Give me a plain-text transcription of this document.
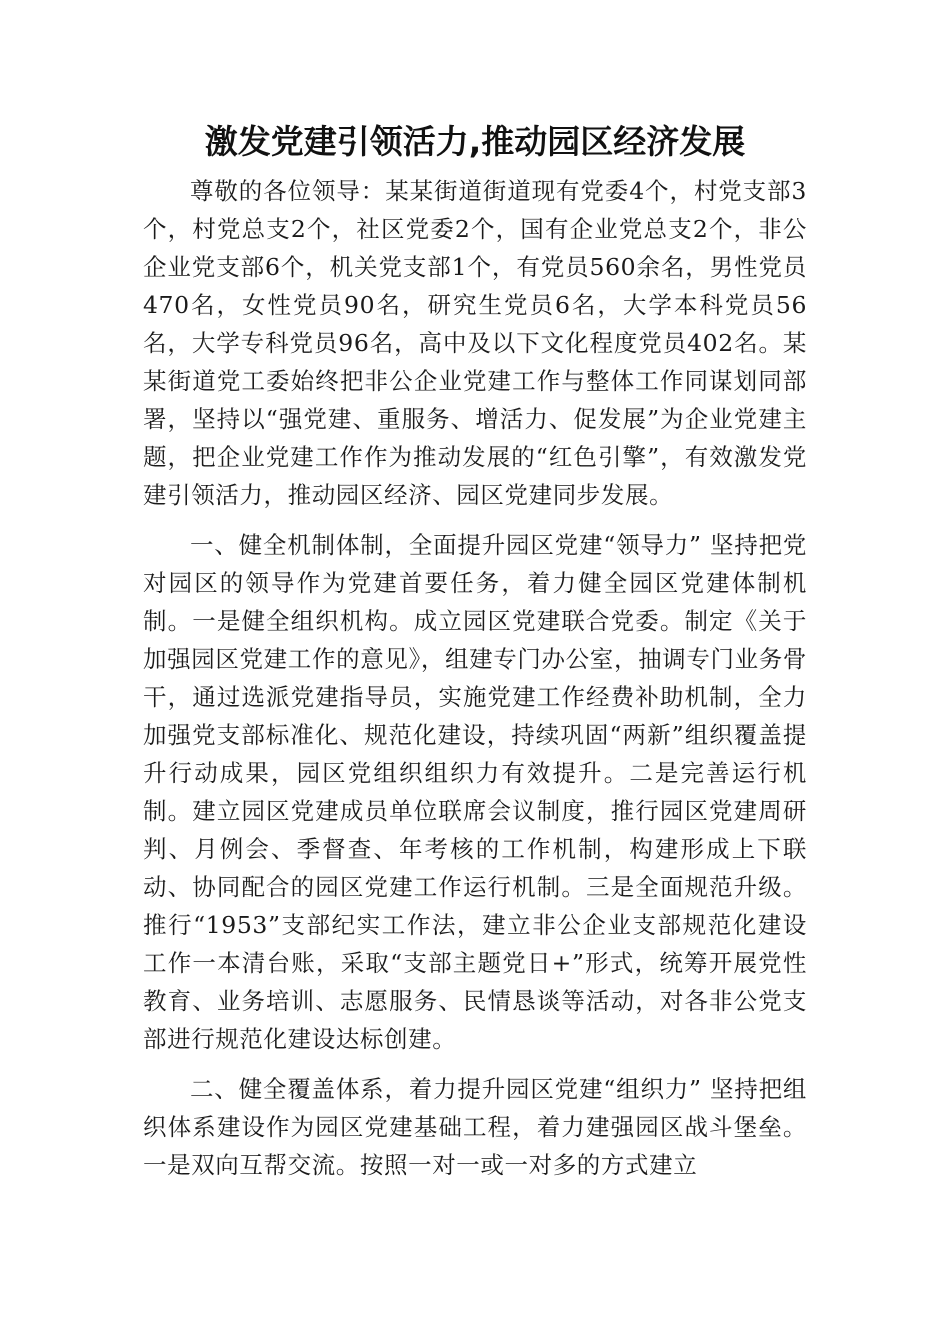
激发党建引领活力,推动园区经济发展

尊敬的各位领导：某某街道街道现有党委4个，村党支部3个，村党总支2个，社区党委2个，国有企业党总支2个，非公企业党支部6个，机关党支部1个，有党员560余名，男性党员470名，女性党员90名，研究生党员6名，大学本科党员56名，大学专科党员96名，高中及以下文化程度党员402名。某某街道党工委始终把非公企业党建工作与整体工作同谋划同部署，坚持以“强党建、重服务、增活力、促发展”为企业党建主题，把企业党建工作作为推动发展的“红色引擎”，有效激发党建引领活力，推动园区经济、园区党建同步发展。

一、健全机制体制，全面提升园区党建“领导力” 坚持把党对园区的领导作为党建首要任务，着力健全园区党建体制机制。一是健全组织机构。成立园区党建联合党委。制定《关于加强园区党建工作的意见》，组建专门办公室，抽调专门业务骨干，通过选派党建指导员，实施党建工作经费补助机制，全力加强党支部标准化、规范化建设，持续巩固“两新”组织覆盖提升行动成果，园区党组织组织力有效提升。二是完善运行机制。建立园区党建成员单位联席会议制度，推行园区党建周研判、月例会、季督查、年考核的工作机制，构建形成上下联动、协同配合的园区党建工作运行机制。三是全面规范升级。推行“1953”支部纪实工作法，建立非公企业支部规范化建设工作一本清台账，采取“支部主题党日+”形式，统筹开展党性教育、业务培训、志愿服务、民情恳谈等活动，对各非公党支部进行规范化建设达标创建。

二、健全覆盖体系，着力提升园区党建“组织力” 坚持把组织体系建设作为园区党建基础工程，着力建强园区战斗堡垒。一是双向互帮交流。按照一对一或一对多的方式建立
